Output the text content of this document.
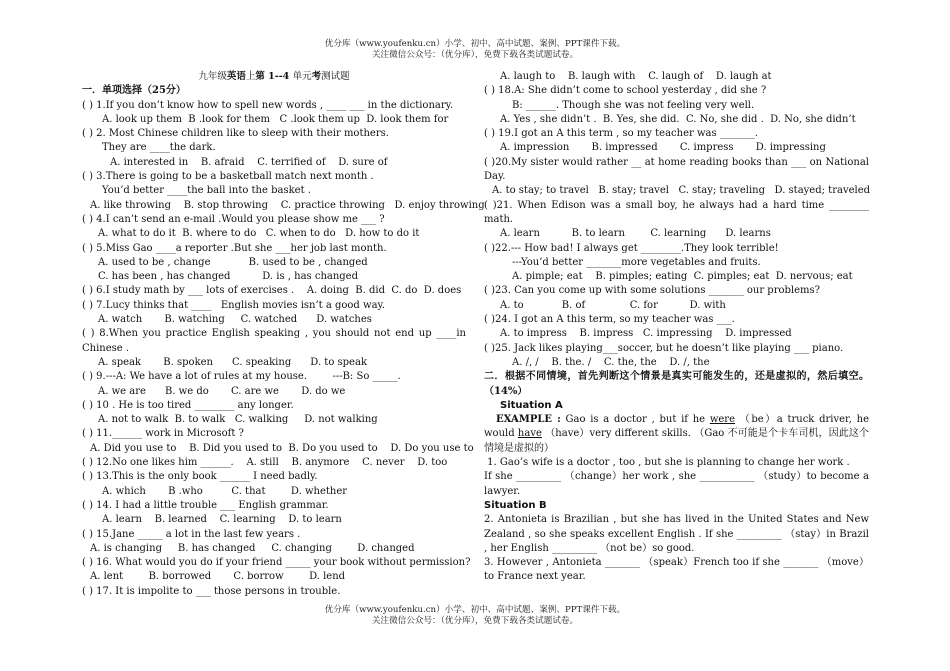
优分库（www.youfenku.cn）小学、初中、高中试题、案例、PPT课件下载。
关注微信公众号：（优分库），免费下载各类试题试卷。
九年级英语上第 1--4 单元考测试题
一．单项选择（25分）
( ) 1.If you don’t know how to spell new words , ____ ___ in the dictionary.
A. look up them  B .look for them   C .look them up  D. look them for
( ) 2. Most Chinese children like to sleep with their mothers.
They are ____the dark.
A. interested in    B. afraid    C. terrified of    D. sure of
( ) 3.There is going to be a basketball match next month .
You’d better ____the ball into the basket .
A. like throwing    B. stop throwing    C. practice throwing   D. enjoy throwing
( ) 4.I can’t send an e-mail .Would you please show me ___ ?
A. what to do it  B. where to do   C. when to do   D. how to do it
( ) 5.Miss Gao ____a reporter .But she ___her job last month.
A. used to be , change            B. used to be , changed
C. has been , has changed          D. is , has changed
( ) 6.I study math by ___ lots of exercises .    A. doing  B. did  C. do  D. does
( ) 7.Lucy thinks that ____   English movies isn’t a good way.
A. watch       B. watching     C. watched      D. watches
( ) 8.When you practice English speaking , you should not end up ____in Chinese .
A. speak       B. spoken      C. speaking      D. to speak
( ) 9.---A: We have a lot of rules at my house.        ---B: So _____.
A. we are      B. we do       C. are we       D. do we
( ) 10 . He is too tired ________ any longer.
A. not to walk  B. to walk   C. walking     D. not walking
( ) 11.______ work in Microsoft ?
A. Did you use to    B. Did you used to  B. Do you used to    D. Do you use to
( ) 12.No one likes him ______.    A. still    B. anymore    C. never    D. too
( ) 13.This is the only book ______ I need badly.
A. which       B .who         C. that        D. whether
( ) 14. I had a little trouble ___ English grammar.
A. learn    B. learned    C. learning    D. to learn
( ) 15.Jane _____ a lot in the last few years .
A. is changing     B. has changed     C. changing        D. changed
( ) 16. What would you do if your friend _____ your book without permission?
A. lent        B. borrowed       C. borrow        D. lend
( ) 17. It is impolite to ___ those persons in trouble.
A. laugh to    B. laugh with    C. laugh of    D. laugh at
( ) 18.A: She didn’t come to school yesterday , did she ?
B: ______. Though she was not feeling very well.
A. Yes , she didn’t .  B. Yes, she did.  C. No, she did .  D. No, she didn’t
( ) 19.I got an A this term , so my teacher was _______.
A. impression       B. impressed       C. impress       D. impressing
( )20.My sister would rather __ at home reading books than ___ on National Day.
A. to stay; to travel   B. stay; travel   C. stay; traveling   D. stayed; traveled
( )21. When Edison was a small boy, he always had a hard time ________ math.
A. learn          B. to learn        C. learning      D. learns
( )22.--- How bad! I always get ________.They look terrible!
---You’d better _______more vegetables and fruits.
A. pimple; eat    B. pimples; eating  C. pimples; eat  D. nervous; eat
( )23. Can you come up with some solutions _______ our problems?
A. to            B. of              C. for          D. with
( )24. I got an A this term, so my teacher was ___.
A. to impress    B. impress   C. impressing    D. impressed
( )25. Jack likes playing___soccer, but he doesn’t like playing ___ piano.
A. /, /    B. the. /    C. the, the    D. /, the
二．根据不同情境，首先判断这个情景是真实可能发生的，还是虚拟的，然后填空。（14%）
Situation A
EXAMPLE : Gao is a doctor , but if he were （be）a truck driver, he would have （have）very different skills. （Gao 不可能是个卡车司机，因此这个情境是虚拟的）
1. Gao’s wife is a doctor , too , but she is planning to change her work .
If she _________ （change）her work , she ___________ （study）to become a lawyer.
Situation B
2. Antonieta is Brazilian , but she has lived in the United States and New Zealand , so she speaks excellent English . If she _________ （stay）in Brazil , her English _________ （not be）so good.
3. However , Antonieta _______ （speak）French too if she _______ （move）to France next year.
优分库（www.youfenku.cn）小学、初中、高中试题、案例、PPT课件下载。
关注微信公众号：（优分库），免费下载各类试题试卷。
